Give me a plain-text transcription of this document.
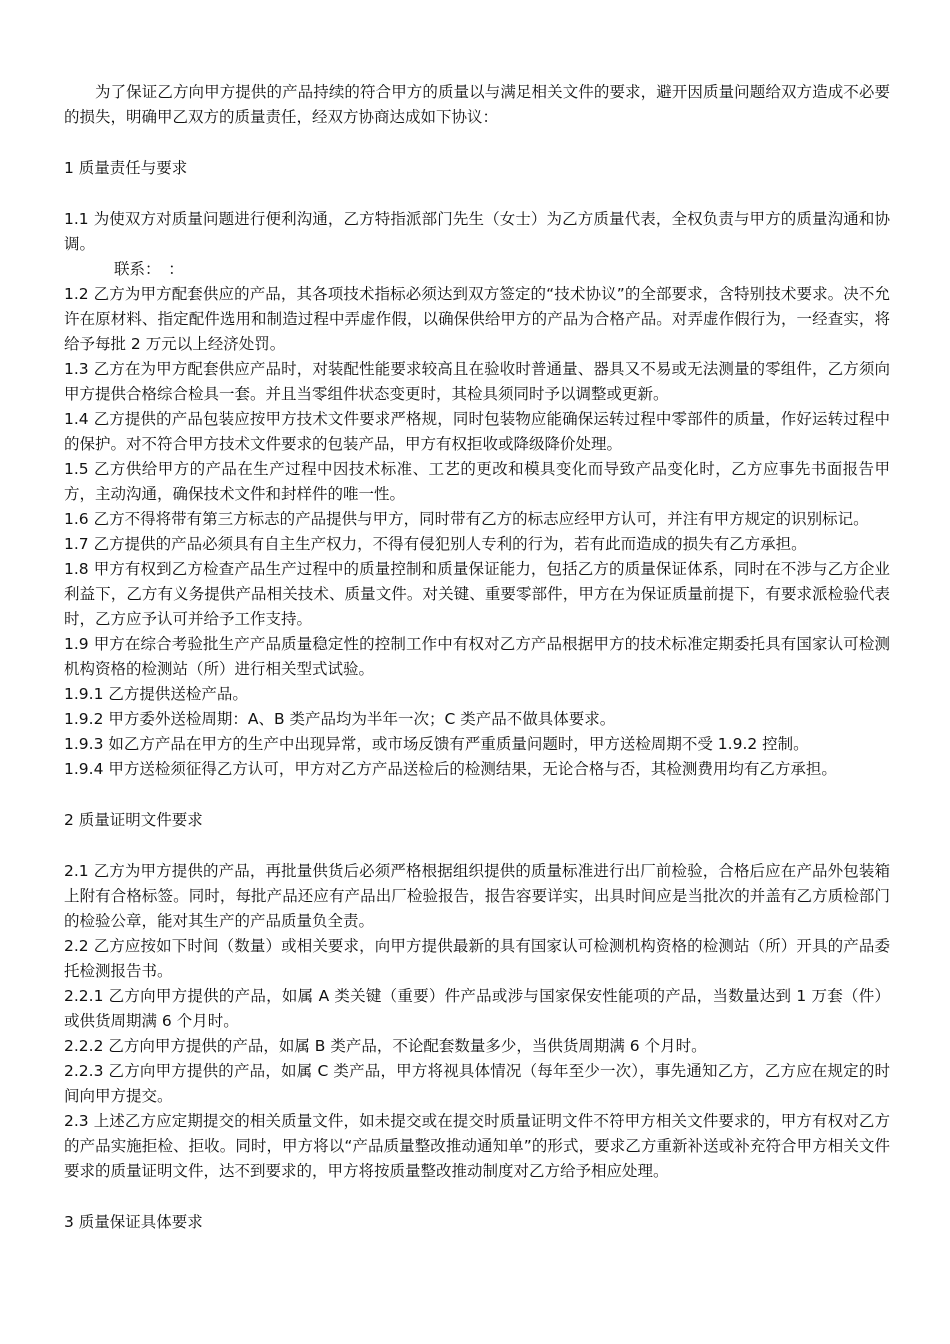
为了保证乙方向甲方提供的产品持续的符合甲方的质量以与满足相关文件的要求，避开因质量问题给双方造成不必要的损失，明确甲乙双方的质量责任，经双方协商达成如下协议：

1 质量责任与要求

1.1 为使双方对质量问题进行便利沟通，乙方特指派部门先生（女士）为乙方质量代表，全权负责与甲方的质量沟通和协调。

联系：　：

1.2 乙方为甲方配套供应的产品，其各项技术指标必须达到双方签定的“技术协议”的全部要求，含特别技术要求。决不允许在原材料、指定配件选用和制造过程中弄虚作假，以确保供给甲方的产品为合格产品。对弄虚作假行为，一经查实，将给予每批 2 万元以上经济处罚。

1.3 乙方在为甲方配套供应产品时，对装配性能要求较高且在验收时普通量、器具又不易或无法测量的零组件，乙方须向甲方提供合格综合检具一套。并且当零组件状态变更时，其检具须同时予以调整或更新。

1.4 乙方提供的产品包装应按甲方技术文件要求严格规，同时包装物应能确保运转过程中零部件的质量，作好运转过程中的保护。对不符合甲方技术文件要求的包装产品，甲方有权拒收或降级降价处理。

1.5 乙方供给甲方的产品在生产过程中因技术标准、工艺的更改和模具变化而导致产品变化时，乙方应事先书面报告甲方，主动沟通，确保技术文件和封样件的唯一性。

1.6 乙方不得将带有第三方标志的产品提供与甲方，同时带有乙方的标志应经甲方认可，并注有甲方规定的识别标记。

1.7 乙方提供的产品必须具有自主生产权力，不得有侵犯别人专利的行为，若有此而造成的损失有乙方承担。

1.8 甲方有权到乙方检查产品生产过程中的质量控制和质量保证能力，包括乙方的质量保证体系，同时在不涉与乙方企业利益下，乙方有义务提供产品相关技术、质量文件。对关键、重要零部件，甲方在为保证质量前提下，有要求派检验代表时，乙方应予认可并给予工作支持。

1.9 甲方在综合考验批生产产品质量稳定性的控制工作中有权对乙方产品根据甲方的技术标准定期委托具有国家认可检测机构资格的检测站（所）进行相关型式试验。

1.9.1 乙方提供送检产品。

1.9.2 甲方委外送检周期：A、B 类产品均为半年一次；C 类产品不做具体要求。

1.9.3 如乙方产品在甲方的生产中出现异常，或市场反馈有严重质量问题时，甲方送检周期不受 1.9.2 控制。

1.9.4 甲方送检须征得乙方认可，甲方对乙方产品送检后的检测结果，无论合格与否，其检测费用均有乙方承担。

2 质量证明文件要求

2.1 乙方为甲方提供的产品，再批量供货后必须严格根据组织提供的质量标准进行出厂前检验，合格后应在产品外包装箱上附有合格标签。同时，每批产品还应有产品出厂检验报告，报告容要详实，出具时间应是当批次的并盖有乙方质检部门的检验公章，能对其生产的产品质量负全责。

2.2 乙方应按如下时间（数量）或相关要求，向甲方提供最新的具有国家认可检测机构资格的检测站（所）开具的产品委托检测报告书。

2.2.1 乙方向甲方提供的产品，如属 A 类关键（重要）件产品或涉与国家保安性能项的产品，当数量达到 1 万套（件）或供货周期满 6 个月时。

2.2.2 乙方向甲方提供的产品，如属 B 类产品，不论配套数量多少，当供货周期满 6 个月时。

2.2.3 乙方向甲方提供的产品，如属 C 类产品，甲方将视具体情况（每年至少一次），事先通知乙方，乙方应在规定的时间向甲方提交。

2.3 上述乙方应定期提交的相关质量文件，如未提交或在提交时质量证明文件不符甲方相关文件要求的，甲方有权对乙方的产品实施拒检、拒收。同时，甲方将以“产品质量整改推动通知单”的形式，要求乙方重新补送或补充符合甲方相关文件要求的质量证明文件，达不到要求的，甲方将按质量整改推动制度对乙方给予相应处理。

3 质量保证具体要求
